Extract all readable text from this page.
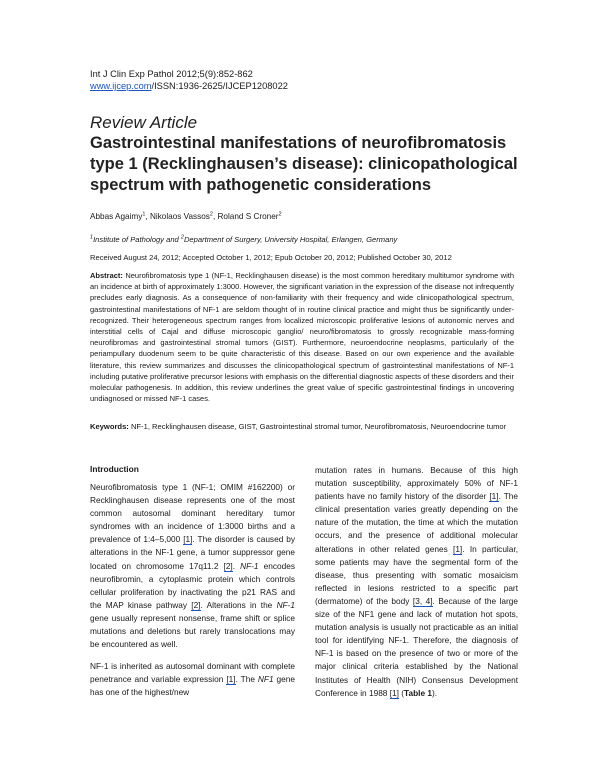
Int J Clin Exp Pathol 2012;5(9):852-862
www.ijcep.com/ISSN:1936-2625/IJCEP1208022
Review Article
Gastrointestinal manifestations of neurofibromatosis type 1 (Recklinghausen’s disease): clinicopathological spectrum with pathogenetic considerations
Abbas Agaimy$^1$, Nikolaos Vassos$^2$, Roland S Croner$^2$
$^1$Institute of Pathology and $^2$Department of Surgery, University Hospital, Erlangen, Germany
Received August 24, 2012; Accepted October 1, 2012; Epub October 20, 2012; Published October 30, 2012
Abstract: Neurofibromatosis type 1 (NF-1, Recklinghausen disease) is the most common hereditary multitumor syndrome with an incidence at birth of approximately 1:3000. However, the significant variation in the expression of the disease not infrequently precludes early diagnosis. As a consequence of non-familiarity with their frequency and wide clinicopathological spectrum, gastrointestinal manifestations of NF-1 are seldom thought of in routine clinical practice and might thus be significantly under-recognized. Their heterogeneous spectrum ranges from localized microscopic proliferative lesions of autonomic nerves and interstitial cells of Cajal and diffuse microscopic ganglio/ neuro/fibromatosis to grossly recognizable mass-forming neurofibromas and gastrointestinal stromal tumors (GIST). Furthermore, neuroendocrine neoplasms, particularly of the periampullary duodenum seem to be quite characteristic of this disease. Based on our own experience and the available literature, this review summarizes and discusses the clinicopathological spectrum of gastrointestinal manifestations of NF-1 including putative proliferative precursor lesions with emphasis on the differential diagnostic aspects of these disorders and their molecular pathogenesis. In addition, this review underlines the great value of specific gastrointestinal findings in uncovering undiagnosed or missed NF-1 cases.
Keywords: NF-1, Recklinghausen disease, GIST, Gastrointestinal stromal tumor, Neurofibromatosis, Neuroendocrine tumor
Introduction

Neurofibromatosis type 1 (NF-1; OMIM #162200) or Recklinghausen disease represents one of the most common autosomal dominant hereditary tumor syndromes with an incidence of 1:3000 births and a prevalence of 1:4–5,000 [1]. The disorder is caused by alterations in the NF-1 gene, a tumor suppressor gene located on chromosome 17q11.2 [2]. NF-1 encodes neurofibromin, a cytoplasmic protein which controls cellular proliferation by inactivating the p21 RAS and the MAP kinase pathway [2]. Alterations in the NF-1 gene usually represent nonsense, frame shift or splice mutations and deletions but rarely translocations may be encountered as well.

NF-1 is inherited as autosomal dominant with complete penetrance and variable expression [1]. The NF1 gene has one of the highest/new

mutation rates in humans. Because of this high mutation susceptibility, approximately 50% of NF-1 patients have no family history of the disorder [1]. The clinical presentation varies greatly depending on the nature of the mutation, the time at which the mutation occurs, and the presence of additional molecular alterations in other related genes [1]. In particular, some patients may have the segmental form of the disease, thus presenting with somatic mosaicism reflected in lesions restricted to a specific part (dermatome) of the body [3, 4]. Because of the large size of the NF1 gene and lack of mutation hot spots, mutation analysis is usually not practicable as an initial tool for identifying NF-1. Therefore, the diagnosis of NF-1 is based on the presence of two or more of the major clinical criteria established by the National Institutes of Health (NIH) Consensus Development Conference in 1988 [1] (Table 1).
